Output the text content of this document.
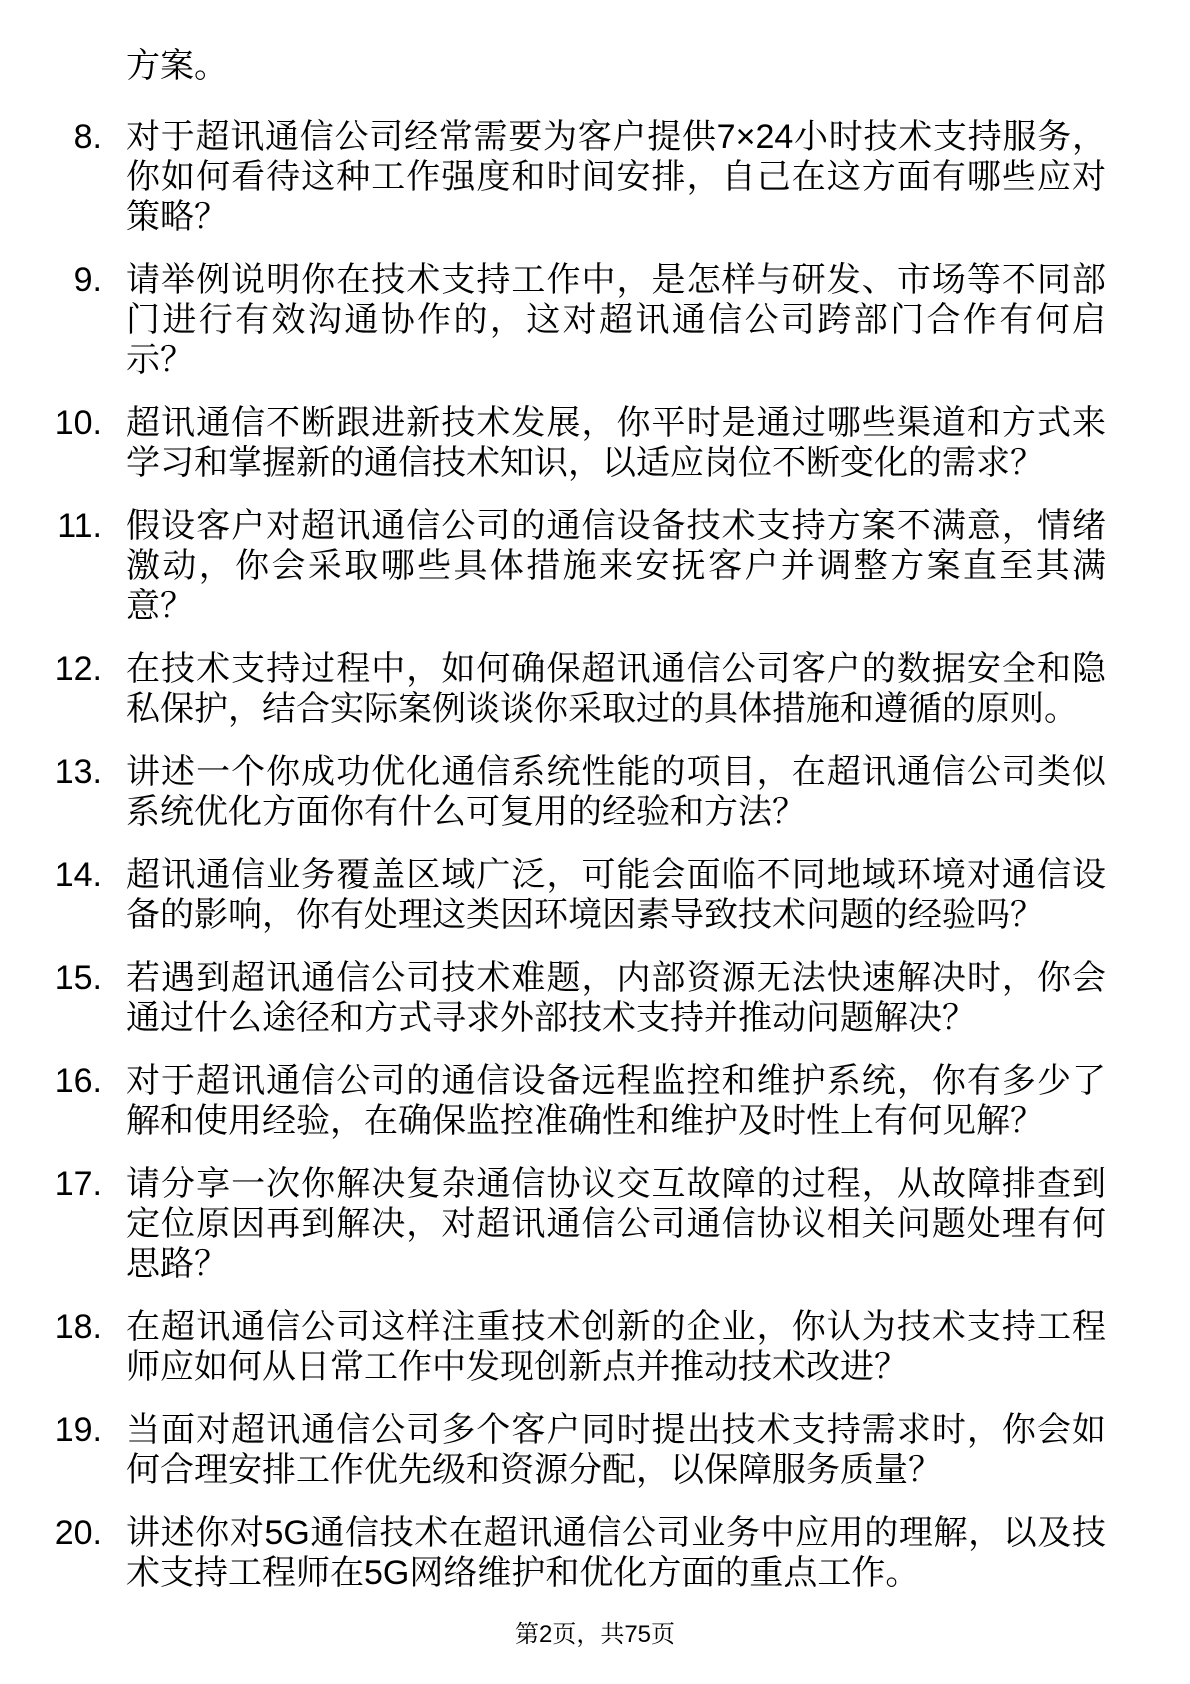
方案。
8. 对于超讯通信公司经常需要为客户提供7×24小时技术支持服务，你如何看待这种工作强度和时间安排，自己在这方面有哪些应对策略？
9. 请举例说明你在技术支持工作中，是怎样与研发、市场等不同部门进行有效沟通协作的，这对超讯通信公司跨部门合作有何启示？
10. 超讯通信不断跟进新技术发展，你平时是通过哪些渠道和方式来学习和掌握新的通信技术知识，以适应岗位不断变化的需求？
11. 假设客户对超讯通信公司的通信设备技术支持方案不满意，情绪激动，你会采取哪些具体措施来安抚客户并调整方案直至其满意？
12. 在技术支持过程中，如何确保超讯通信公司客户的数据安全和隐私保护，结合实际案例谈谈你采取过的具体措施和遵循的原则。
13. 讲述一个你成功优化通信系统性能的项目，在超讯通信公司类似系统优化方面你有什么可复用的经验和方法？
14. 超讯通信业务覆盖区域广泛，可能会面临不同地域环境对通信设备的影响，你有处理这类因环境因素导致技术问题的经验吗？
15. 若遇到超讯通信公司技术难题，内部资源无法快速解决时，你会通过什么途径和方式寻求外部技术支持并推动问题解决？
16. 对于超讯通信公司的通信设备远程监控和维护系统，你有多少了解和使用经验，在确保监控准确性和维护及时性上有何见解？
17. 请分享一次你解决复杂通信协议交互故障的过程，从故障排查到定位原因再到解决，对超讯通信公司通信协议相关问题处理有何思路？
18. 在超讯通信公司这样注重技术创新的企业，你认为技术支持工程师应如何从日常工作中发现创新点并推动技术改进？
19. 当面对超讯通信公司多个客户同时提出技术支持需求时，你会如何合理安排工作优先级和资源分配，以保障服务质量？
20. 讲述你对5G通信技术在超讯通信公司业务中应用的理解，以及技术支持工程师在5G网络维护和优化方面的重点工作。
第2页，共75页
